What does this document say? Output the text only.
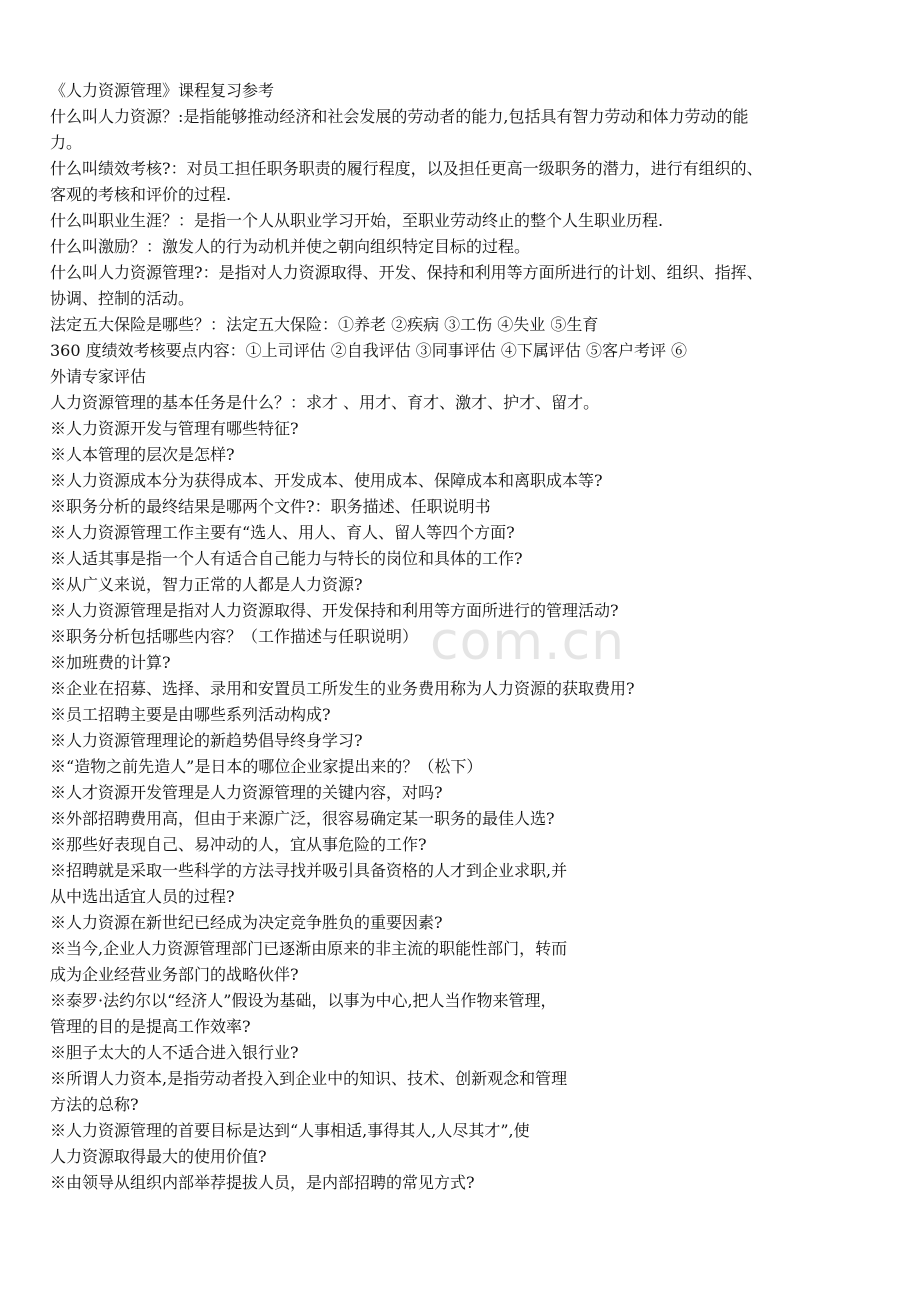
《人力资源管理》课程复习参考
什么叫人力资源？:是指能够推动经济和社会发展的劳动者的能力,包括具有智力劳动和体力劳动的能
力。
什么叫绩效考核?：对员工担任职务职责的履行程度，以及担任更高一级职务的潜力，进行有组织的、
客观的考核和评价的过程.
什么叫职业生涯？：是指一个人从职业学习开始，至职业劳动终止的整个人生职业历程.
什么叫激励？：激发人的行为动机并使之朝向组织特定目标的过程。
什么叫人力资源管理?：是指对人力资源取得、开发、保持和利用等方面所进行的计划、组织、指挥、
协调、控制的活动。
法定五大保险是哪些？：法定五大保险：①养老 ②疾病 ③工伤 ④失业 ⑤生育
360 度绩效考核要点内容：①上司评估 ②自我评估 ③同事评估 ④下属评估 ⑤客户考评 ⑥
外请专家评估
人力资源管理的基本任务是什么？：求才 、用才、育才、激才、护才、留才。
※人力资源开发与管理有哪些特征?
※人本管理的层次是怎样?
※人力资源成本分为获得成本、开发成本、使用成本、保障成本和离职成本等?
※职务分析的最终结果是哪两个文件?：职务描述、任职说明书
※人力资源管理工作主要有“选人、用人、育人、留人等四个方面?
※人适其事是指一个人有适合自己能力与特长的岗位和具体的工作?
※从广义来说，智力正常的人都是人力资源?
※人力资源管理是指对人力资源取得、开发保持和利用等方面所进行的管理活动?
※职务分析包括哪些内容？（工作描述与任职说明）
※加班费的计算?
※企业在招募、选择、录用和安置员工所发生的业务费用称为人力资源的获取费用?
※员工招聘主要是由哪些系列活动构成?
※人力资源管理理论的新趋势倡导终身学习?
※“造物之前先造人”是日本的哪位企业家提出来的？（松下）
※人才资源开发管理是人力资源管理的关键内容，对吗?
※外部招聘费用高，但由于来源广泛，很容易确定某一职务的最佳人选?
※那些好表现自己、易冲动的人，宜从事危险的工作?
※招聘就是采取一些科学的方法寻找并吸引具备资格的人才到企业求职,并
从中选出适宜人员的过程?
※人力资源在新世纪已经成为决定竞争胜负的重要因素?
※当今,企业人力资源管理部门已逐渐由原来的非主流的职能性部门，转而
成为企业经营业务部门的战略伙伴?
※泰罗·法约尔以“经济人”假设为基础，以事为中心,把人当作物来管理，
管理的目的是提高工作效率?
※胆子太大的人不适合进入银行业?
※所谓人力资本,是指劳动者投入到企业中的知识、技术、创新观念和管理
方法的总称?
※人力资源管理的首要目标是达到“人事相适,事得其人,人尽其才”,使
人力资源取得最大的使用价值?
※由领导从组织内部举荐提拔人员，是内部招聘的常见方式?
com.cn
